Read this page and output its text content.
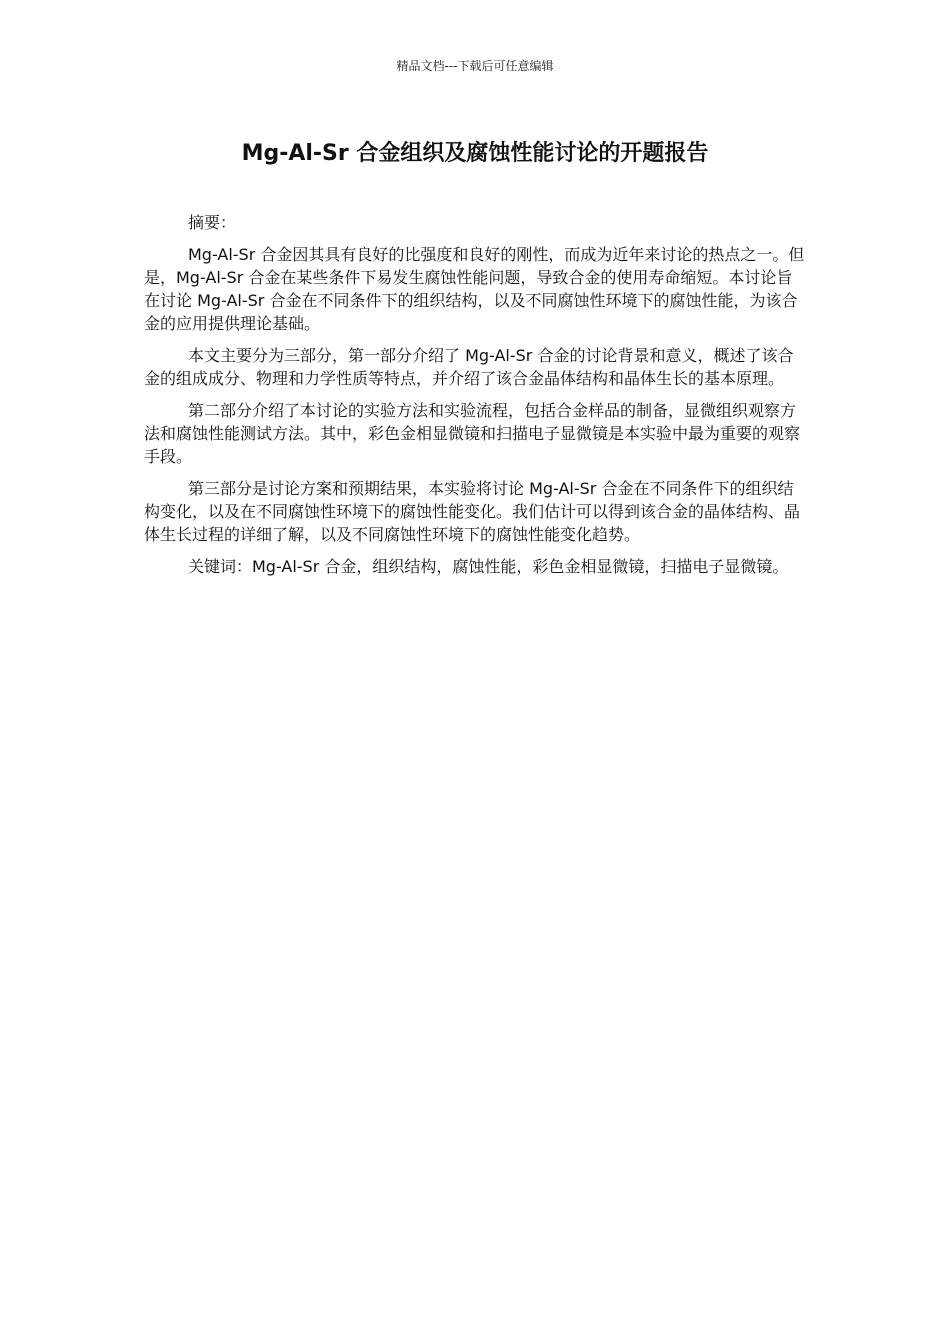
精品文档---下载后可任意编辑
Mg-Al-Sr 合金组织及腐蚀性能讨论的开题报告

摘要：

Mg-Al-Sr 合金因其具有良好的比强度和良好的刚性，而成为近年来讨论的热点之一。但是，Mg-Al-Sr 合金在某些条件下易发生腐蚀性能问题，导致合金的使用寿命缩短。本讨论旨在讨论 Mg-Al-Sr 合金在不同条件下的组织结构，以及不同腐蚀性环境下的腐蚀性能，为该合金的应用提供理论基础。

本文主要分为三部分，第一部分介绍了 Mg-Al-Sr 合金的讨论背景和意义，概述了该合金的组成成分、物理和力学性质等特点，并介绍了该合金晶体结构和晶体生长的基本原理。

第二部分介绍了本讨论的实验方法和实验流程，包括合金样品的制备，显微组织观察方法和腐蚀性能测试方法。其中，彩色金相显微镜和扫描电子显微镜是本实验中最为重要的观察手段。

第三部分是讨论方案和预期结果，本实验将讨论 Mg-Al-Sr 合金在不同条件下的组织结构变化，以及在不同腐蚀性环境下的腐蚀性能变化。我们估计可以得到该合金的晶体结构、晶体生长过程的详细了解，以及不同腐蚀性环境下的腐蚀性能变化趋势。

关键词：Mg-Al-Sr 合金，组织结构，腐蚀性能，彩色金相显微镜，扫描电子显微镜。
